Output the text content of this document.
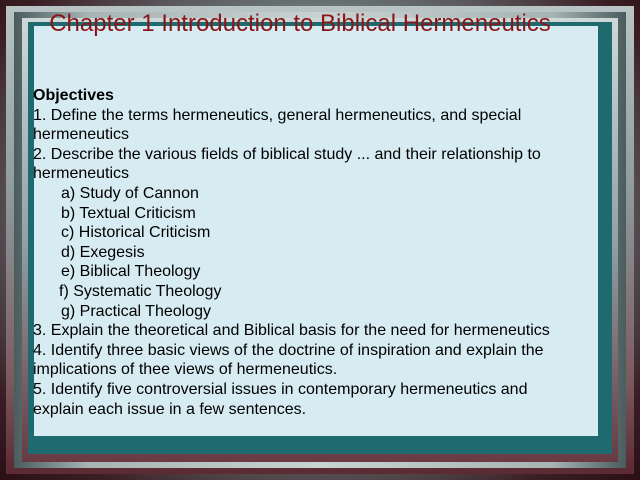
Chapter 1 Introduction to Biblical Hermeneutics
Objectives
1. Define the terms hermeneutics, general hermeneutics, and special
hermeneutics
2. Describe the various fields of biblical study ... and their relationship to
hermeneutics
a) Study of Cannon
b) Textual Criticism
c) Historical Criticism
d) Exegesis
e) Biblical Theology
f) Systematic Theology
g) Practical Theology
3. Explain the theoretical and Biblical basis for the need for hermeneutics
4. Identify three basic views of the doctrine of inspiration and explain the
implications of thee views of hermeneutics.
5. Identify five controversial issues in contemporary hermeneutics and
explain each issue in a few sentences.
